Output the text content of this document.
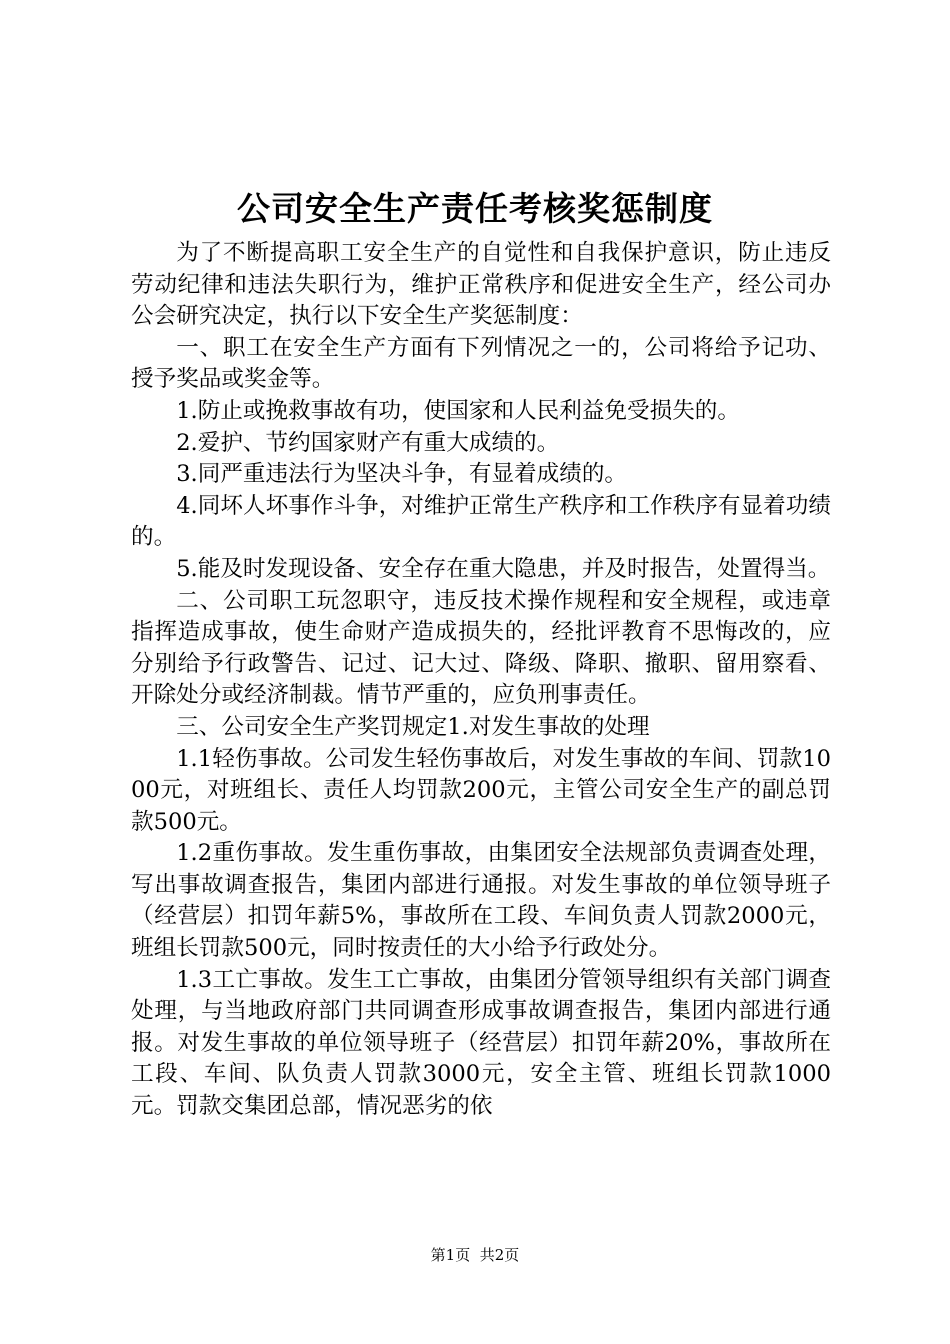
公司安全生产责任考核奖惩制度

为了不断提高职工安全生产的自觉性和自我保护意识，防止违反劳动纪律和违法失职行为，维护正常秩序和促进安全生产，经公司办公会研究决定，执行以下安全生产奖惩制度：

一、职工在安全生产方面有下列情况之一的，公司将给予记功、授予奖品或奖金等。

1.防止或挽救事故有功，使国家和人民利益免受损失的。

2.爱护、节约国家财产有重大成绩的。

3.同严重违法行为坚决斗争，有显着成绩的。

4.同坏人坏事作斗争，对维护正常生产秩序和工作秩序有显着功绩的。

5.能及时发现设备、安全存在重大隐患，并及时报告，处置得当。

二、公司职工玩忽职守，违反技术操作规程和安全规程，或违章指挥造成事故，使生命财产造成损失的，经批评教育不思悔改的，应分别给予行政警告、记过、记大过、降级、降职、撤职、留用察看、开除处分或经济制裁。情节严重的，应负刑事责任。

三、公司安全生产奖罚规定1.对发生事故的处理

1.1轻伤事故。公司发生轻伤事故后，对发生事故的车间、罚款1000元，对班组长、责任人均罚款200元，主管公司安全生产的副总罚款500元。

1.2重伤事故。发生重伤事故，由集团安全法规部负责调查处理，写出事故调查报告，集团内部进行通报。对发生事故的单位领导班子（经营层）扣罚年薪5%，事故所在工段、车间负责人罚款2000元，班组长罚款500元，同时按责任的大小给予行政处分。

1.3工亡事故。发生工亡事故，由集团分管领导组织有关部门调查处理，与当地政府部门共同调查形成事故调查报告，集团内部进行通报。对发生事故的单位领导班子（经营层）扣罚年薪20%，事故所在工段、车间、队负责人罚款3000元，安全主管、班组长罚款1000元。罚款交集团总部，情况恶劣的依

第1页 共2页
